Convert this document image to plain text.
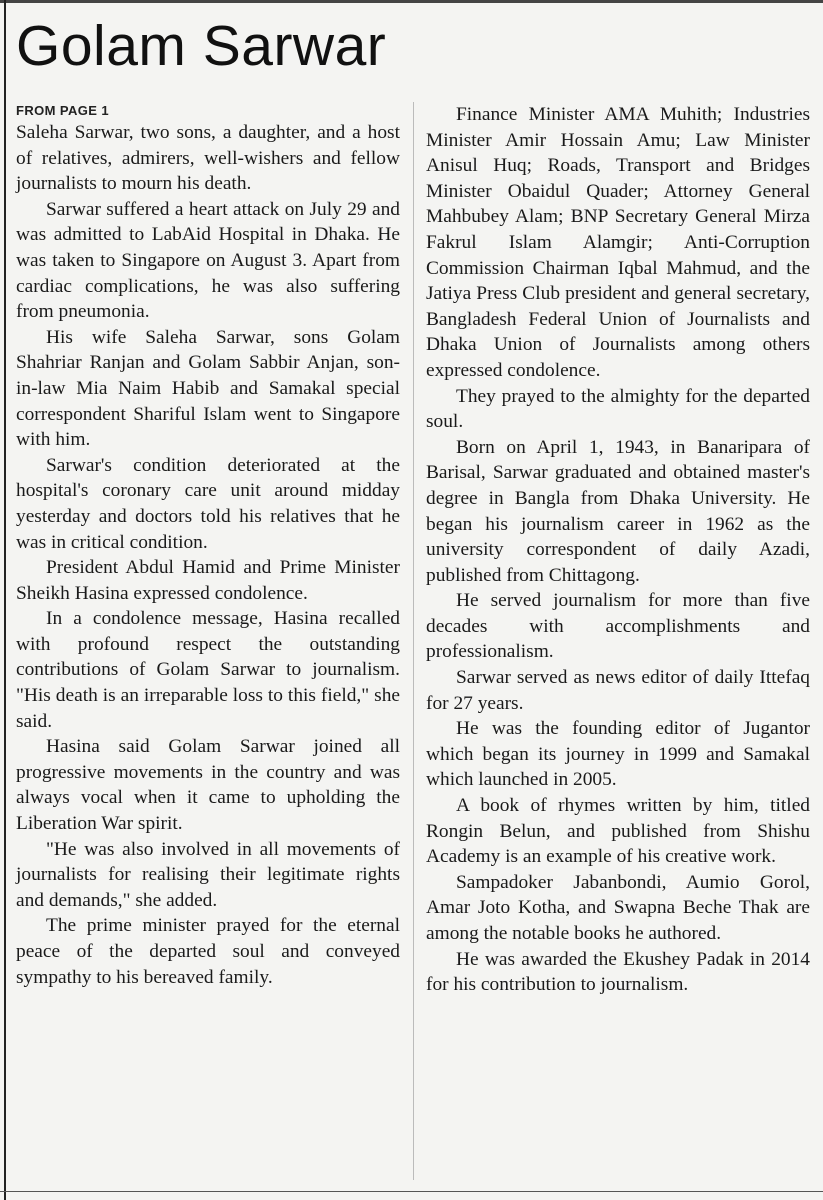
Golam Sarwar
FROM PAGE 1

Saleha Sarwar, two sons, a daughter, and a host of relatives, admirers, well-wishers and fellow journalists to mourn his death.

Sarwar suffered a heart attack on July 29 and was admitted to LabAid Hospital in Dhaka. He was taken to Singapore on August 3. Apart from cardiac complications, he was also suffering from pneumonia.

His wife Saleha Sarwar, sons Golam Shahriar Ranjan and Golam Sabbir Anjan, son-in-law Mia Naim Habib and Samakal special correspondent Shariful Islam went to Singapore with him.

Sarwar's condition deteriorated at the hospital's coronary care unit around midday yesterday and doctors told his relatives that he was in critical condition.

President Abdul Hamid and Prime Minister Sheikh Hasina expressed condolence.

In a condolence message, Hasina recalled with profound respect the outstanding contributions of Golam Sarwar to journalism. "His death is an irreparable loss to this field," she said.

Hasina said Golam Sarwar joined all progressive movements in the country and was always vocal when it came to upholding the Liberation War spirit.

"He was also involved in all movements of journalists for realising their legitimate rights and demands," she added.

The prime minister prayed for the eternal peace of the departed soul and conveyed sympathy to his bereaved family.

Finance Minister AMA Muhith; Industries Minister Amir Hossain Amu; Law Minister Anisul Huq; Roads, Transport and Bridges Minister Obaidul Quader; Attorney General Mahbubey Alam; BNP Secretary General Mirza Fakrul Islam Alamgir; Anti-Corruption Commission Chairman Iqbal Mahmud, and the Jatiya Press Club president and general secretary, Bangladesh Federal Union of Journalists and Dhaka Union of Journalists among others expressed condolence.

They prayed to the almighty for the departed soul.

Born on April 1, 1943, in Banaripara of Barisal, Sarwar graduated and obtained master's degree in Bangla from Dhaka University. He began his journalism career in 1962 as the university correspondent of daily Azadi, published from Chittagong.

He served journalism for more than five decades with accomplishments and professionalism.

Sarwar served as news editor of daily Ittefaq for 27 years.

He was the founding editor of Jugantor which began its journey in 1999 and Samakal which launched in 2005.

A book of rhymes written by him, titled Rongin Belun, and published from Shishu Academy is an example of his creative work.

Sampadoker Jabanbondi, Aumio Gorol, Amar Joto Kotha, and Swapna Beche Thak are among the notable books he authored.

He was awarded the Ekushey Padak in 2014 for his contribution to journalism.
